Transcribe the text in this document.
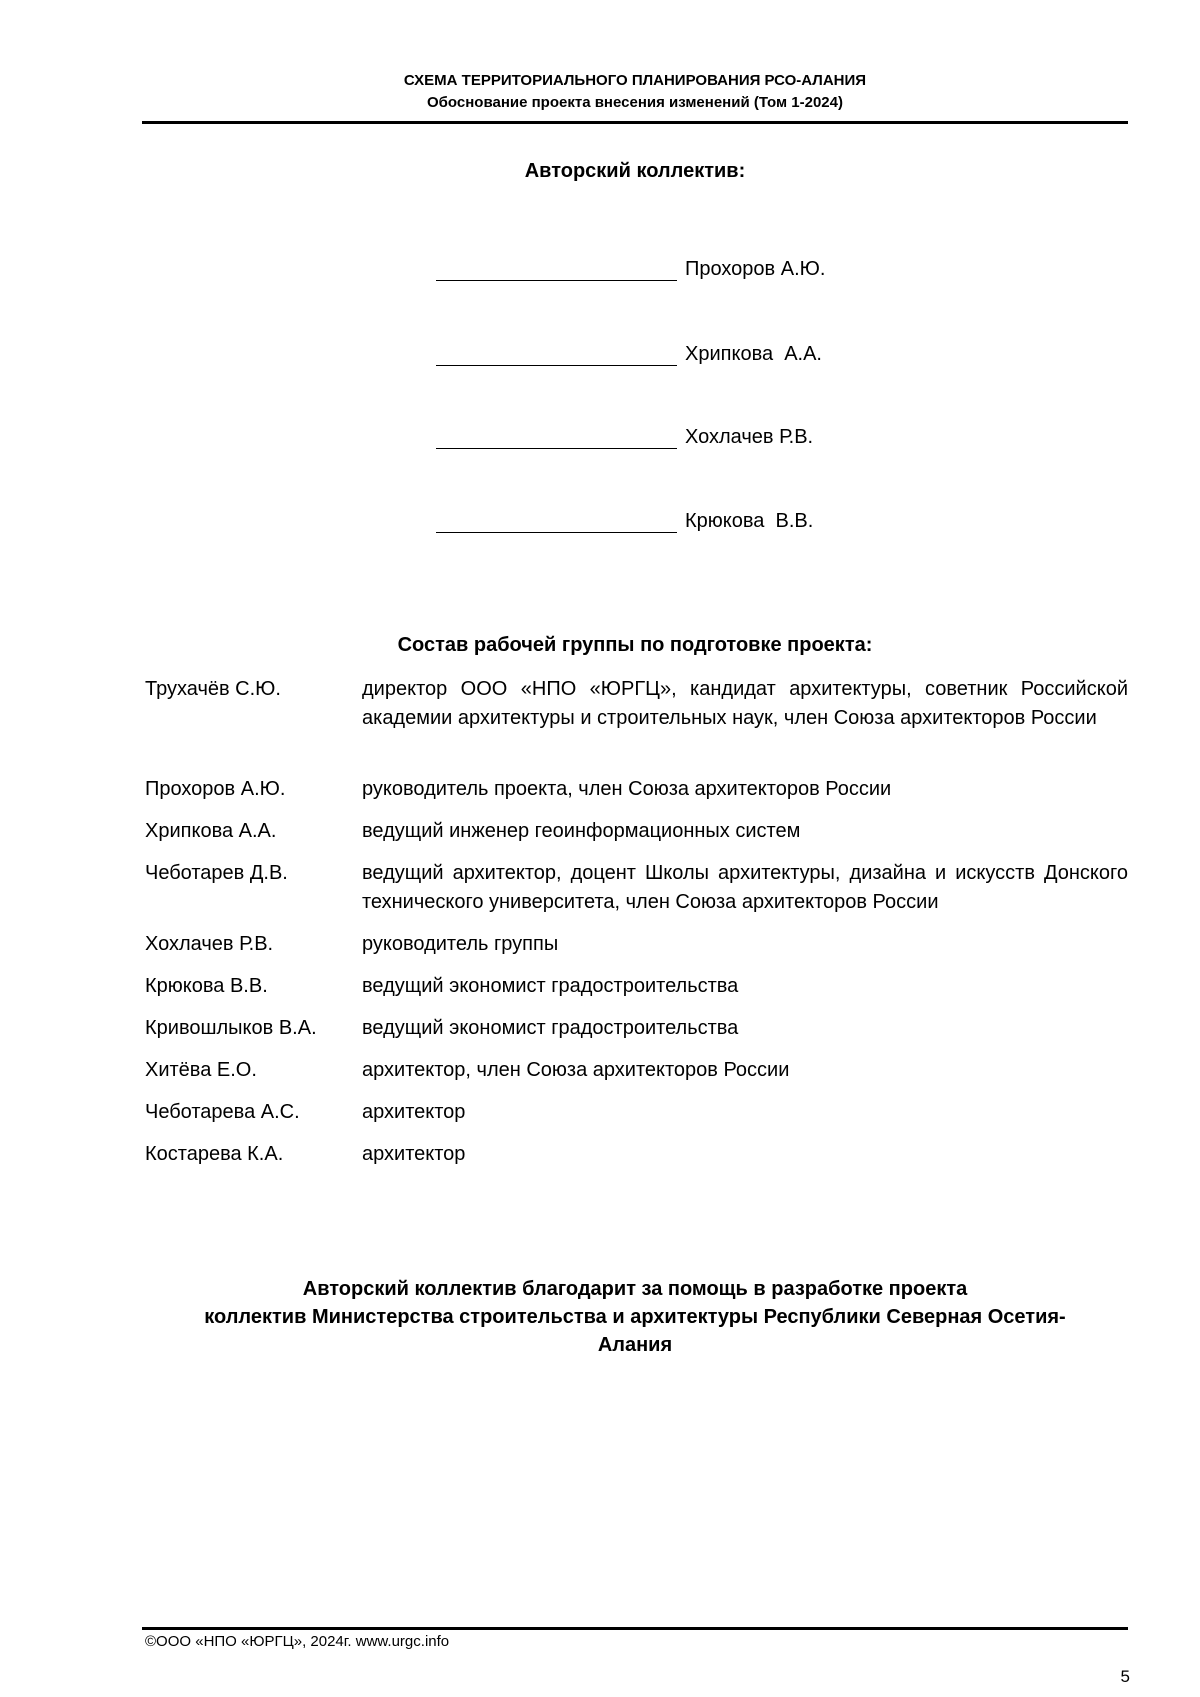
СХЕМА ТЕРРИТОРИАЛЬНОГО ПЛАНИРОВАНИЯ РСО-АЛАНИЯ
Обоснование проекта внесения изменений (Том 1-2024)
Авторский коллектив:
Прохоров А.Ю.
Хрипкова  А.А.
Хохлачев Р.В.
Крюкова  В.В.
Состав рабочей группы по подготовке проекта:
Трухачёв С.Ю.	директор ООО «НПО «ЮРГЦ», кандидат архитектуры, советник Российской академии архитектуры и строительных наук, член Союза архитекторов России
Прохоров А.Ю.	руководитель проекта, член Союза архитекторов России
Хрипкова А.А.	ведущий инженер геоинформационных систем
Чеботарев Д.В.	ведущий архитектор, доцент Школы архитектуры, дизайна и искусств Донского технического университета, член Союза архитекторов России
Хохлачев Р.В.	руководитель группы
Крюкова В.В.	ведущий экономист градостроительства
Кривошлыков В.А. ведущий экономист градостроительства
Хитёва Е.О.	архитектор, член Союза архитекторов России
Чеботарева А.С.	архитектор
Костарева К.А.	архитектор
Авторский коллектив благодарит за помощь в разработке проекта
коллектив Министерства строительства и архитектуры Республики Северная Осетия-
Алания
©ООО «НПО «ЮРГЦ», 2024г. www.urgc.info
5
